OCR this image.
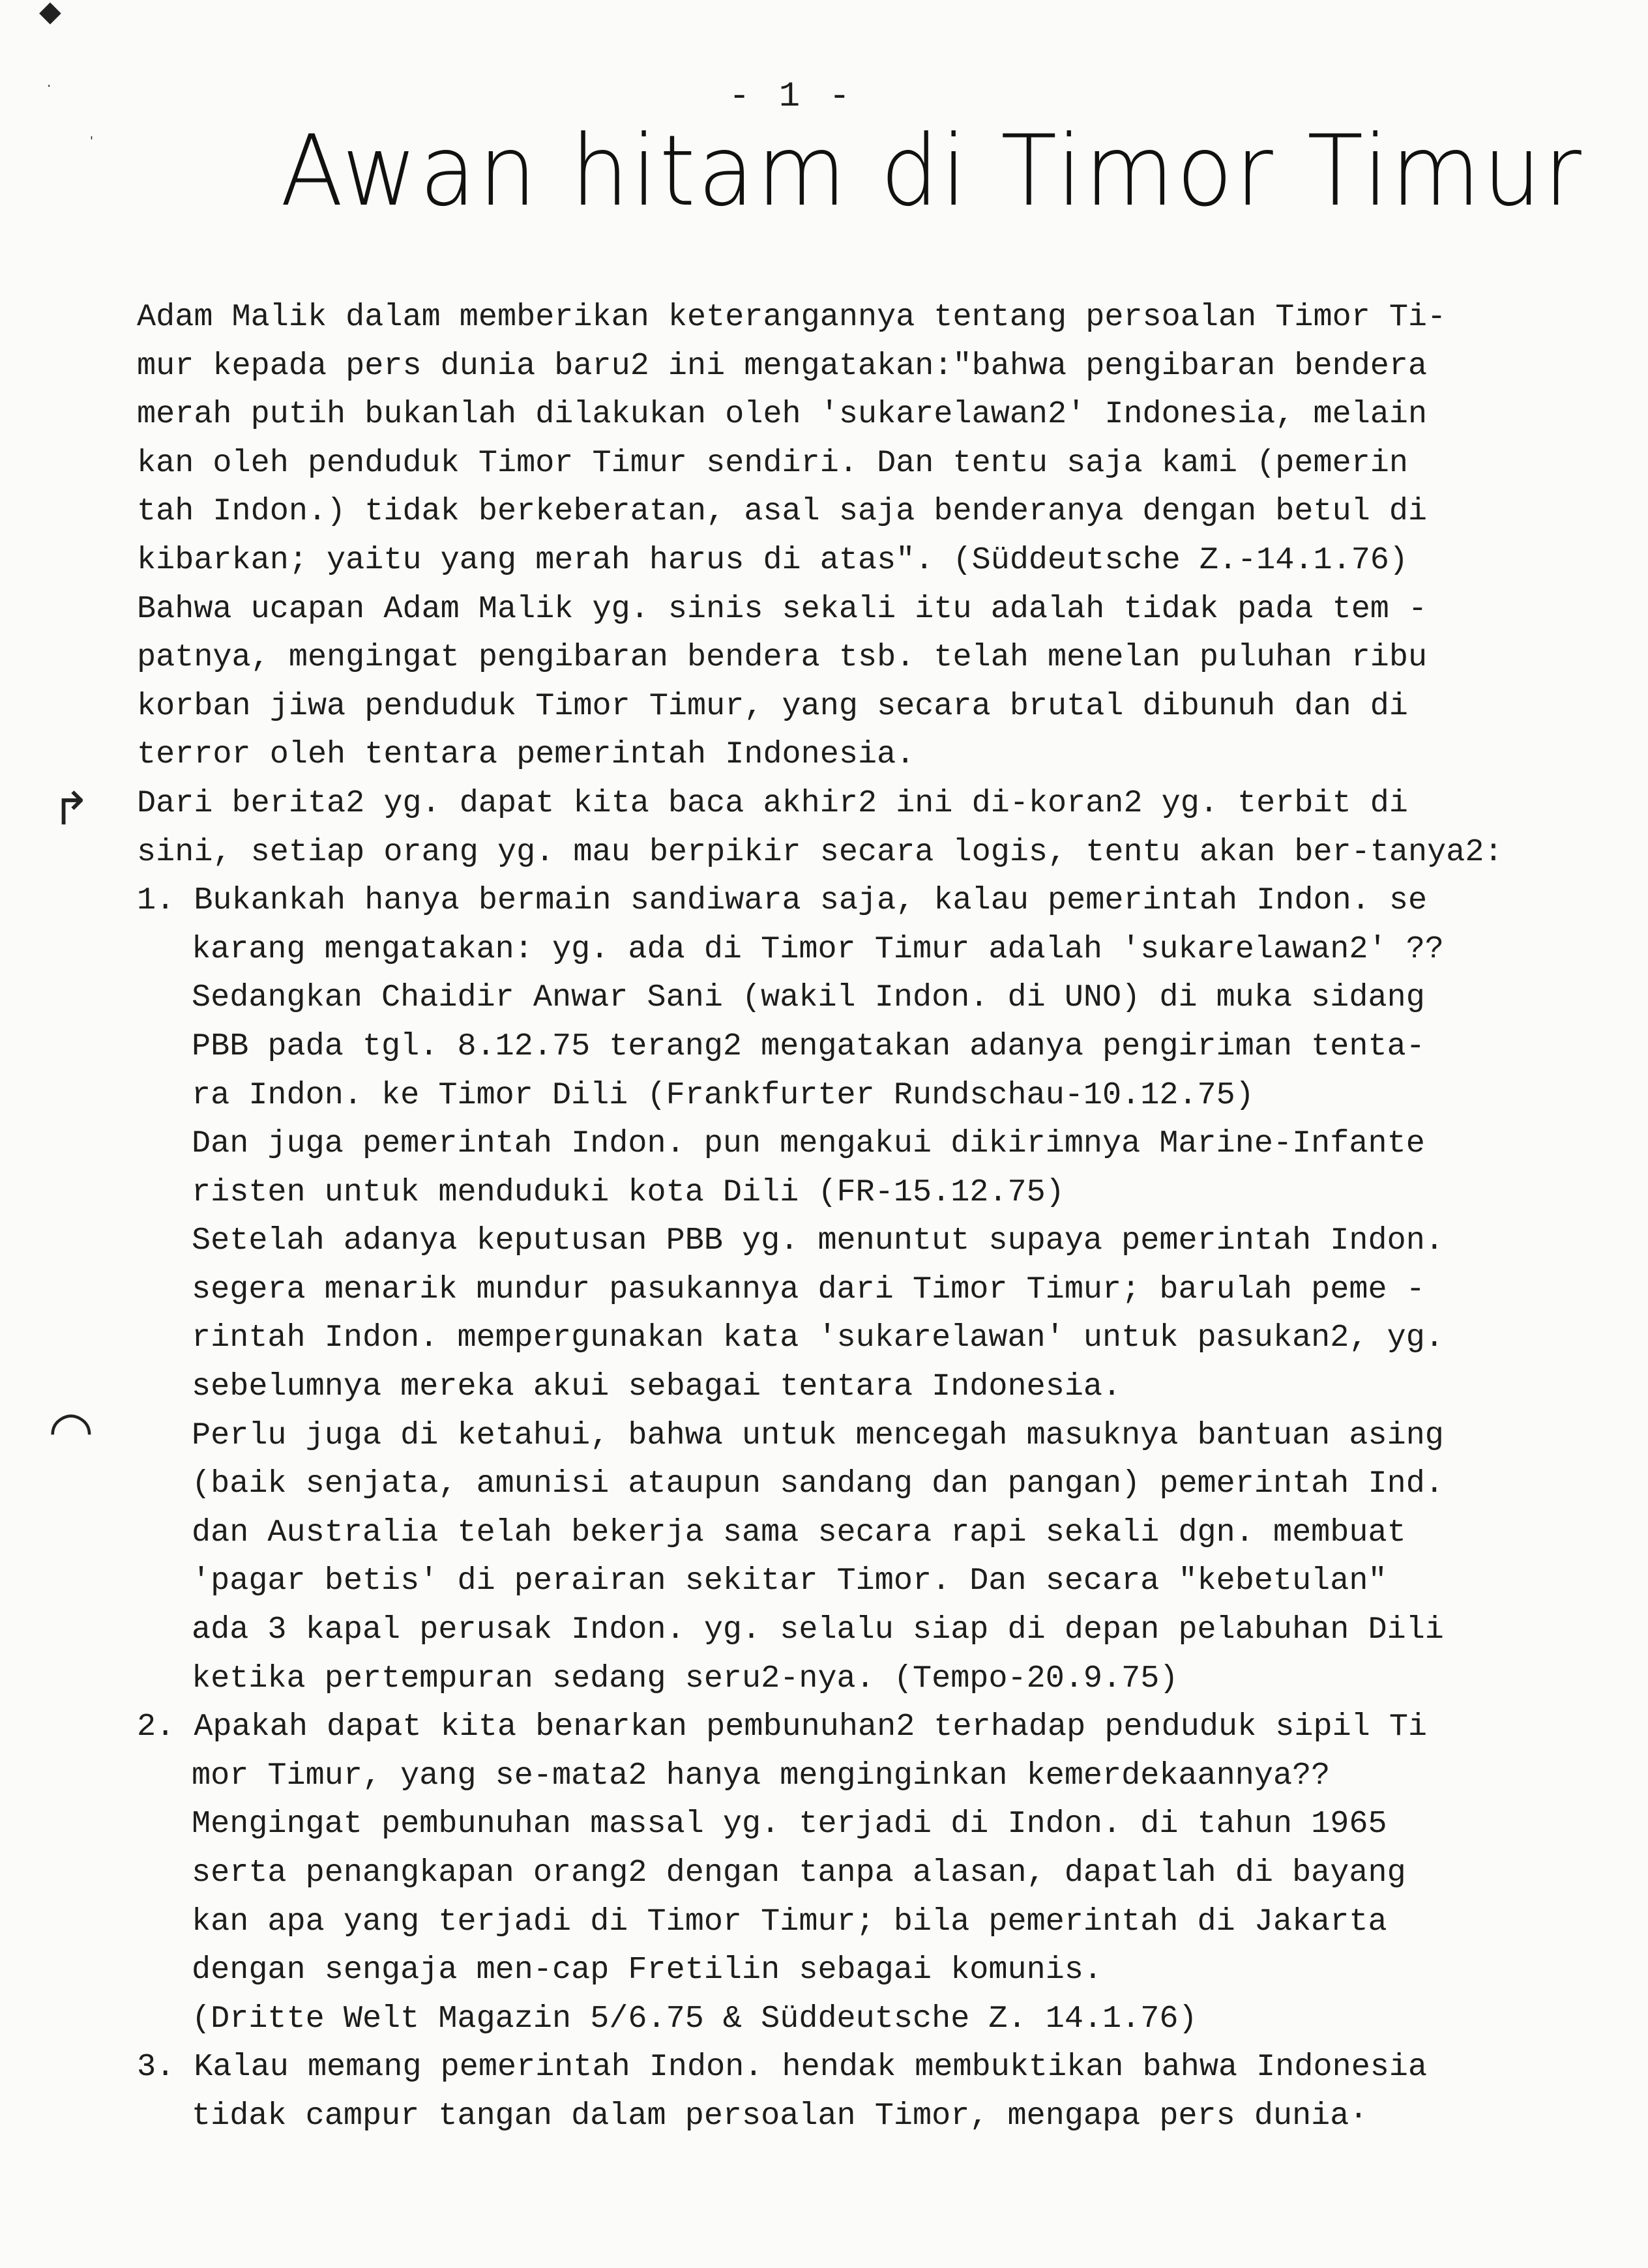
◆
·
'
↱
◠
- 1 -
Awan hitam di Timor Timur
Adam Malik dalam memberikan keterangannya tentang persoalan Timor Ti-
mur kepada pers dunia baru2 ini mengatakan:"bahwa pengibaran bendera
merah putih bukanlah dilakukan oleh 'sukarelawan2' Indonesia, melain
kan oleh penduduk Timor Timur sendiri. Dan tentu saja kami (pemerin
tah Indon.) tidak berkeberatan, asal saja benderanya dengan betul di
kibarkan; yaitu yang merah harus di atas". (Süddeutsche Z.-14.1.76)
Bahwa ucapan Adam Malik yg. sinis sekali itu adalah tidak pada tem -
patnya, mengingat pengibaran bendera tsb. telah menelan puluhan ribu
korban jiwa penduduk Timor Timur, yang secara brutal dibunuh dan di
terror oleh tentara pemerintah Indonesia.
Dari berita2 yg. dapat kita baca akhir2 ini di-koran2 yg. terbit di
sini, setiap orang yg. mau berpikir secara logis, tentu akan ber-tanya2:
1. Bukankah hanya bermain sandiwara saja, kalau pemerintah Indon. se
karang mengatakan: yg. ada di Timor Timur adalah 'sukarelawan2' ??
Sedangkan Chaidir Anwar Sani (wakil Indon. di UNO) di muka sidang
PBB pada tgl. 8.12.75 terang2 mengatakan adanya pengiriman tenta-
ra Indon. ke Timor Dili (Frankfurter Rundschau-10.12.75)
Dan juga pemerintah Indon. pun mengakui dikirimnya Marine-Infante
risten untuk menduduki kota Dili (FR-15.12.75)
Setelah adanya keputusan PBB yg. menuntut supaya pemerintah Indon.
segera menarik mundur pasukannya dari Timor Timur; barulah peme -
rintah Indon. mempergunakan kata 'sukarelawan' untuk pasukan2, yg.
sebelumnya mereka akui sebagai tentara Indonesia.
Perlu juga di ketahui, bahwa untuk mencegah masuknya bantuan asing
(baik senjata, amunisi ataupun sandang dan pangan) pemerintah Ind.
dan Australia telah bekerja sama secara rapi sekali dgn. membuat
'pagar betis' di perairan sekitar Timor. Dan secara "kebetulan"
ada 3 kapal perusak Indon. yg. selalu siap di depan pelabuhan Dili
ketika pertempuran sedang seru2-nya. (Tempo-20.9.75)
2. Apakah dapat kita benarkan pembunuhan2 terhadap penduduk sipil Ti
mor Timur, yang se-mata2 hanya menginginkan kemerdekaannya??
Mengingat pembunuhan massal yg. terjadi di Indon. di tahun 1965
serta penangkapan orang2 dengan tanpa alasan, dapatlah di bayang
kan apa yang terjadi di Timor Timur; bila pemerintah di Jakarta
dengan sengaja men-cap Fretilin sebagai komunis.
(Dritte Welt Magazin 5/6.75 & Süddeutsche Z. 14.1.76)
3. Kalau memang pemerintah Indon. hendak membuktikan bahwa Indonesia
tidak campur tangan dalam persoalan Timor, mengapa pers dunia·
